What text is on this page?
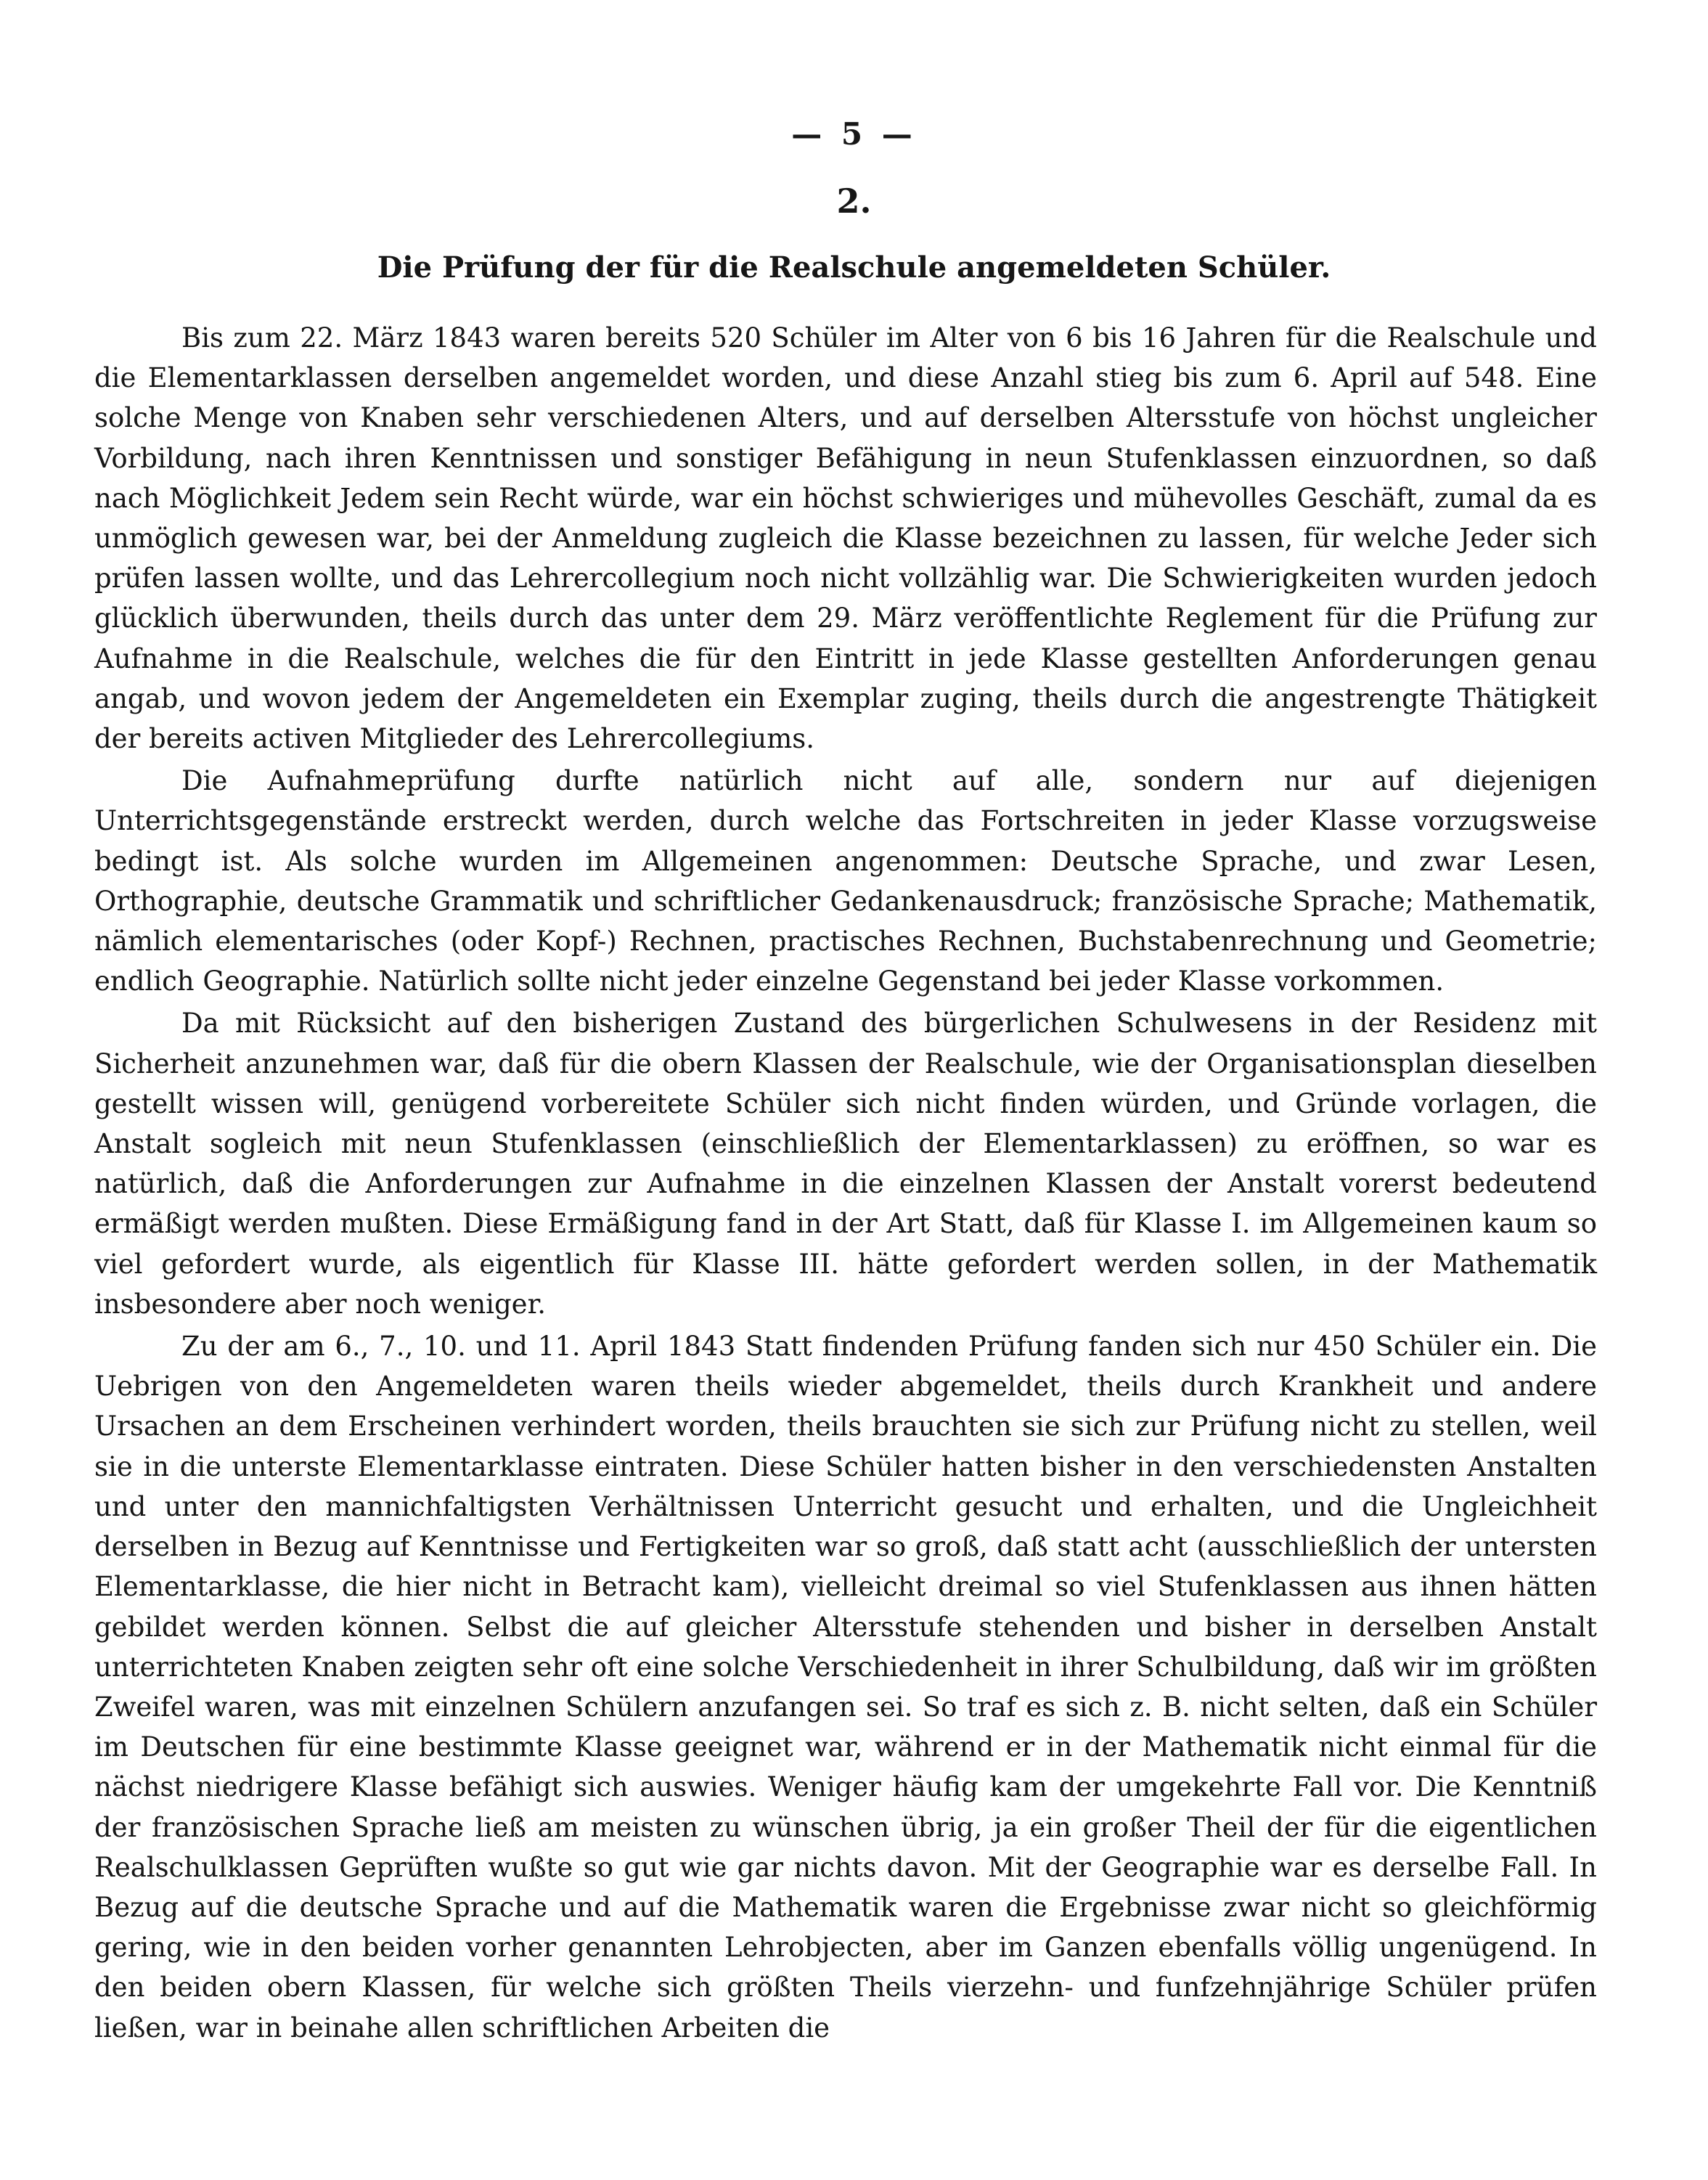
— 5 —
2.
Die Prüfung der für die Realschule angemeldeten Schüler.

Bis zum 22. März 1843 waren bereits 520 Schüler im Alter von 6 bis 16 Jahren für die Realschule und die Elementarklassen derselben angemeldet worden, und diese Anzahl stieg bis zum 6. April auf 548. Eine solche Menge von Knaben sehr verschiedenen Alters, und auf derselben Altersstufe von höchst ungleicher Vorbildung, nach ihren Kenntnissen und sonstiger Befähigung in neun Stufenklassen einzuordnen, so daß nach Möglichkeit Jedem sein Recht würde, war ein höchst schwieriges und mühevolles Geschäft, zumal da es unmöglich gewesen war, bei der Anmeldung zugleich die Klasse bezeichnen zu lassen, für welche Jeder sich prüfen lassen wollte, und das Lehrercollegium noch nicht vollzählig war. Die Schwierigkeiten wurden jedoch glücklich überwunden, theils durch das unter dem 29. März veröffentlichte Reglement für die Prüfung zur Aufnahme in die Realschule, welches die für den Eintritt in jede Klasse gestellten Anforderungen genau angab, und wovon jedem der Angemeldeten ein Exemplar zuging, theils durch die angestrengte Thätigkeit der bereits activen Mitglieder des Lehrercollegiums.

Die Aufnahmeprüfung durfte natürlich nicht auf alle, sondern nur auf diejenigen Unterrichtsgegenstände erstreckt werden, durch welche das Fortschreiten in jeder Klasse vorzugsweise bedingt ist. Als solche wurden im Allgemeinen angenommen: Deutsche Sprache, und zwar Lesen, Orthographie, deutsche Grammatik und schriftlicher Gedankenausdruck; französische Sprache; Mathematik, nämlich elementarisches (oder Kopf-) Rechnen, practisches Rechnen, Buchstabenrechnung und Geometrie; endlich Geographie. Natürlich sollte nicht jeder einzelne Gegenstand bei jeder Klasse vorkommen.

Da mit Rücksicht auf den bisherigen Zustand des bürgerlichen Schulwesens in der Residenz mit Sicherheit anzunehmen war, daß für die obern Klassen der Realschule, wie der Organisationsplan dieselben gestellt wissen will, genügend vorbereitete Schüler sich nicht finden würden, und Gründe vorlagen, die Anstalt sogleich mit neun Stufenklassen (einschließlich der Elementarklassen) zu eröffnen, so war es natürlich, daß die Anforderungen zur Aufnahme in die einzelnen Klassen der Anstalt vorerst bedeutend ermäßigt werden mußten. Diese Ermäßigung fand in der Art Statt, daß für Klasse I. im Allgemeinen kaum so viel gefordert wurde, als eigentlich für Klasse III. hätte gefordert werden sollen, in der Mathematik insbesondere aber noch weniger.

Zu der am 6., 7., 10. und 11. April 1843 Statt findenden Prüfung fanden sich nur 450 Schüler ein. Die Uebrigen von den Angemeldeten waren theils wieder abgemeldet, theils durch Krankheit und andere Ursachen an dem Erscheinen verhindert worden, theils brauchten sie sich zur Prüfung nicht zu stellen, weil sie in die unterste Elementarklasse eintraten. Diese Schüler hatten bisher in den verschiedensten Anstalten und unter den mannichfaltigsten Verhältnissen Unterricht gesucht und erhalten, und die Ungleichheit derselben in Bezug auf Kenntnisse und Fertigkeiten war so groß, daß statt acht (ausschließlich der untersten Elementarklasse, die hier nicht in Betracht kam), vielleicht dreimal so viel Stufenklassen aus ihnen hätten gebildet werden können. Selbst die auf gleicher Altersstufe stehenden und bisher in derselben Anstalt unterrichteten Knaben zeigten sehr oft eine solche Verschiedenheit in ihrer Schulbildung, daß wir im größten Zweifel waren, was mit einzelnen Schülern anzufangen sei. So traf es sich z. B. nicht selten, daß ein Schüler im Deutschen für eine bestimmte Klasse geeignet war, während er in der Mathematik nicht einmal für die nächst niedrigere Klasse befähigt sich auswies. Weniger häufig kam der umgekehrte Fall vor. Die Kenntniß der französischen Sprache ließ am meisten zu wünschen übrig, ja ein großer Theil der für die eigentlichen Realschulklassen Geprüften wußte so gut wie gar nichts davon. Mit der Geographie war es derselbe Fall. In Bezug auf die deutsche Sprache und auf die Mathematik waren die Ergebnisse zwar nicht so gleichförmig gering, wie in den beiden vorher genannten Lehrobjecten, aber im Ganzen ebenfalls völlig ungenügend. In den beiden obern Klassen, für welche sich größten Theils vierzehn- und funfzehnjährige Schüler prüfen ließen, war in beinahe allen schriftlichen Arbeiten die
